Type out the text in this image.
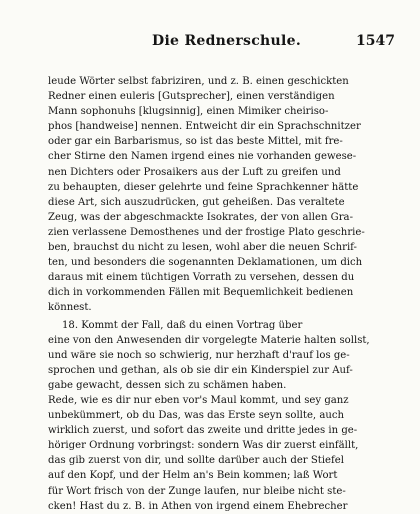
Die Rednerschule.	1547
leude Wörter selbst fabriziren, und z. B. einen geschickten
Redner einen euleris [Gutsprecher], einen verständigen
Mann sophonuhs [klugsinnig], einen Mimiker cheiriso-
phos [handweise] nennen. Entweicht dir ein Sprachschnitzer
oder gar ein Barbarismus, so ist das beste Mittel, mit fre-
cher Stirne den Namen irgend eines nie vorhanden gewese-
nen Dichters oder Prosaikers aus der Luft zu greifen und
zu behaupten, dieser gelehrte und feine Sprachkenner hätte
diese Art, sich auszudrücken, gut geheißen. Das veraltete
Zeug, was der abgeschmackte Isokrates, der von allen Gra-
zien verlassene Demosthenes und der frostige Plato geschrie-
ben, brauchst du nicht zu lesen, wohl aber die neuen Schrif-
ten, und besonders die sogenannten Deklamationen, um dich
daraus mit einem tüchtigen Vorrath zu versehen, dessen du
dich in vorkommenden Fällen mit Bequemlichkeit bedienen
könnest.
18. Kommt der Fall, daß du einen Vortrag über
eine von den Anwesenden dir vorgelegte Materie halten sollst,
und wäre sie noch so schwierig, nur herzhaft d'rauf los ge-
sprochen und gethan, als ob sie dir ein Kinderspiel zur Auf-
gabe gewacht, dessen sich zu schämen haben.
Rede, wie es dir nur eben vor's Maul kommt, und sey ganz
unbekümmert, ob du Das, was das Erste seyn sollte, auch
wirklich zuerst, und sofort das zweite und dritte jedes in ge-
höriger Ordnung vorbringst: sondern Was dir zuerst einfällt,
das gib zuerst von dir, und sollte darüber auch der Stiefel
auf den Kopf, und der Helm an's Bein kommen; laß Wort
für Wort frisch von der Zunge laufen, nur bleibe nicht ste-
cken! Hast du z. B. in Athen von irgend einem Ehebrecher
